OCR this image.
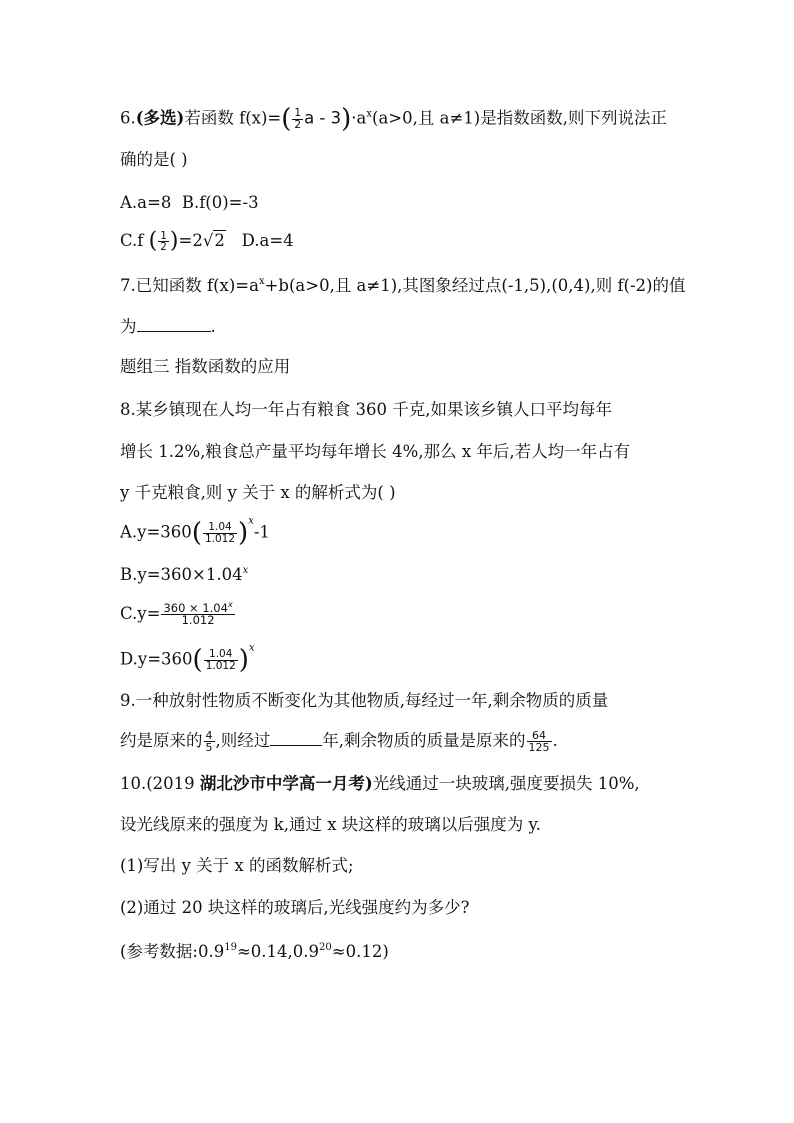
6.(多选)若函数 $f(x)=( \frac{1}{2}$ $a - 3)\cdot a^x(a>0$,且 a≠1)是指数函数,则下列说法正
确的是( )
A.a=8 B.f(0)=-3
C.f ( $\frac{1}{2} )=2√2$ D.a=4
7.已知函数 $f(x)=a^x+b(a>0$,且 a≠1),其图象经过点(-1,5),(0,4),则 f(-2)的值
为	.
题组三 指数函数的应用
8.某乡镇现在人均一年占有粮食 360 千克,如果该乡镇人口平均每年
增长 1.2%,粮食总产量平均每年增长 4%,那么 x 年后,若人均一年占有
y 千克粮食,则 y 关于 x 的解析式为( )
$A.y=360( \frac{1.04}{1.012} )^x-1$
$B.y=360\times 1.04^x$
$C.y= \frac{360 \times 1.04^x}{1.012}$
$D.y=360( \frac{1.04}{1.012} )^x$
9.一种放射性物质不断变化为其他物质,每经过一年,剩余物质的质量
约是原来的 $\frac{4}{5}$ ,则经过	年,剩余物质的质量是原来的 $\frac{64}{125}$ .
10.(2019 湖北沙市中学高一月考)光线通过一块玻璃,强度要损失 10%,
设光线原来的强度为 k,通过 x 块这样的玻璃以后强度为 y.
(1)写出 y 关于 x 的函数解析式;
(2)通过 20 块这样的玻璃后,光线强度约为多少?
(参考数据$:0.9^{19}\approx 0.14,0.9^{20}\approx 0.12$)
